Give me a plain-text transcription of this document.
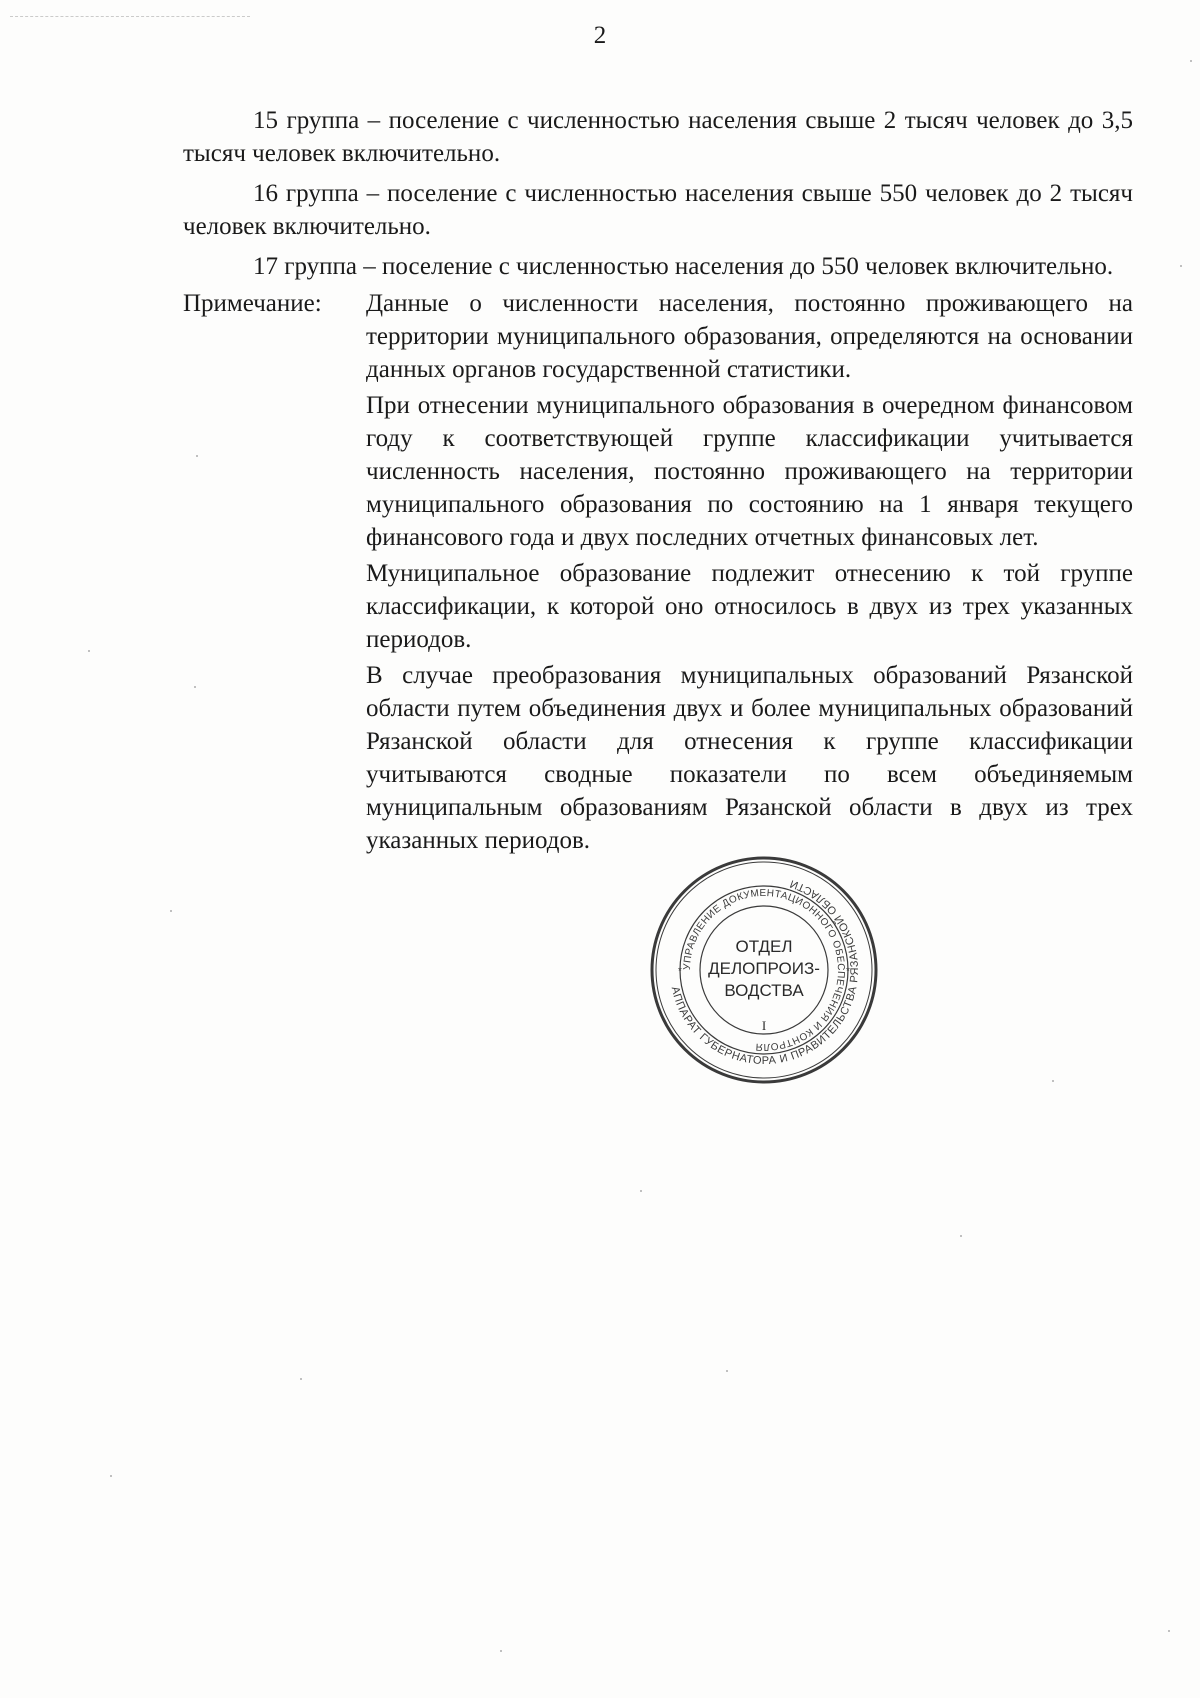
2

15 группа – поселение с численностью населения свыше 2 тысяч человек до 3,5 тысяч человек включительно.

16 группа – поселение с численностью населения свыше 550 человек до 2 тысяч человек включительно.

17 группа – поселение с численностью населения до 550 человек включительно.

Примечание:	Данные о численности населения, постоянно проживающего на территории муниципального образования, определяются на основании данных органов государственной статистики.

При отнесении муниципального образования в очередном финансовом году к соответствующей группе классификации учитывается численность населения, постоянно проживающего на территории муниципального образования по состоянию на 1 января текущего финансового года и двух последних отчетных финансовых лет.

Муниципальное образование подлежит отнесению к той группе классификации, к которой оно относилось в двух из трех указанных периодов.

В случае преобразования муниципальных образований Рязанской области путем объединения двух и более муниципальных образований Рязанской области для отнесения к группе классификации учитываются сводные показатели по всем объединяемым муниципальным образованиям Рязанской области в двух из трех указанных периодов.

АППАРАТ ГУБЕРНАТОРА И ПРАВИТЕЛЬСТВА РЯЗАНСКОЙ ОБЛАСТИ
УПРАВЛЕНИЕ ДОКУМЕНТАЦИОННОГО ОБЕСПЕЧЕНИЯ И КОНТРОЛЯ
ОТДЕЛ
ДЕЛОПРОИЗ-
ВОДСТВА
I
*	*
